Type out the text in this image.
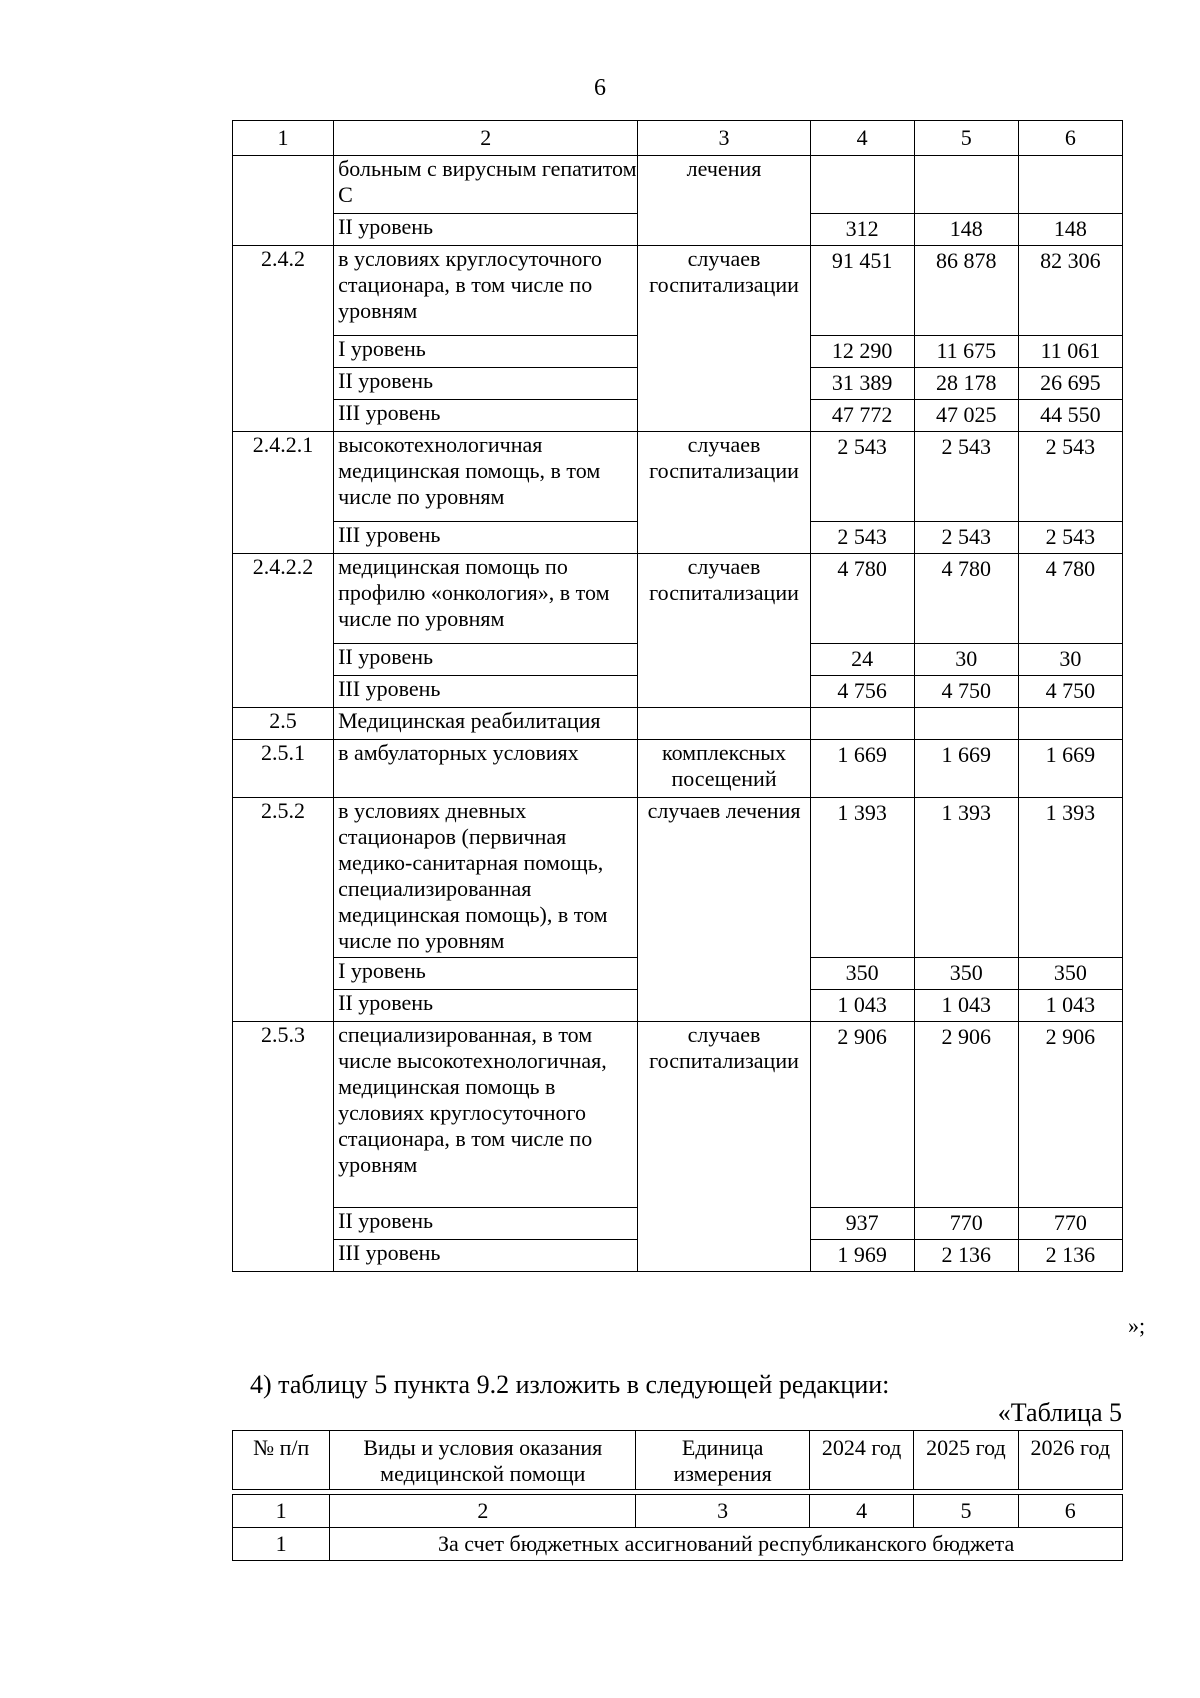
6
1	2	3	4	5	6
	больным с вирусным гепатитом С	лечения			
	II уровень		312	148	148
2.4.2	в условиях круглосуточного стационара, в том числе по уровням	случаев госпитализации	91 451	86 878	82 306
	I уровень		12 290	11 675	11 061
	II уровень		31 389	28 178	26 695
	III уровень		47 772	47 025	44 550
2.4.2.1	высокотехнологичная медицинская помощь, в том числе по уровням	случаев госпитализации	2 543	2 543	2 543
	III уровень		2 543	2 543	2 543
2.4.2.2	медицинская помощь по профилю «онкология», в том числе по уровням	случаев госпитализации	4 780	4 780	4 780
	II уровень		24	30	30
	III уровень		4 756	4 750	4 750
2.5	Медицинская реабилитация				
2.5.1	в амбулаторных условиях	комплексных посещений	1 669	1 669	1 669
2.5.2	в условиях дневных стационаров (первичная медико-санитарная помощь, специализированная медицинская помощь), в том числе по уровням	случаев лечения	1 393	1 393	1 393
	I уровень		350	350	350
	II уровень		1 043	1 043	1 043
2.5.3	специализированная, в том числе высокотехнологичная, медицинская помощь в условиях круглосуточного стационара, в том числе по уровням	случаев госпитализации	2 906	2 906	2 906
	II уровень		937	770	770
	III уровень		1 969	2 136	2 136
»;
4) таблицу 5 пункта 9.2 изложить в следующей редакции:
«Таблица 5
№ п/п	Виды и условия оказания медицинской помощи	Единица измерения	2024 год	2025 год	2026 год

1	2	3	4	5	6
1	За счет бюджетных ассигнований республиканского бюджета				
